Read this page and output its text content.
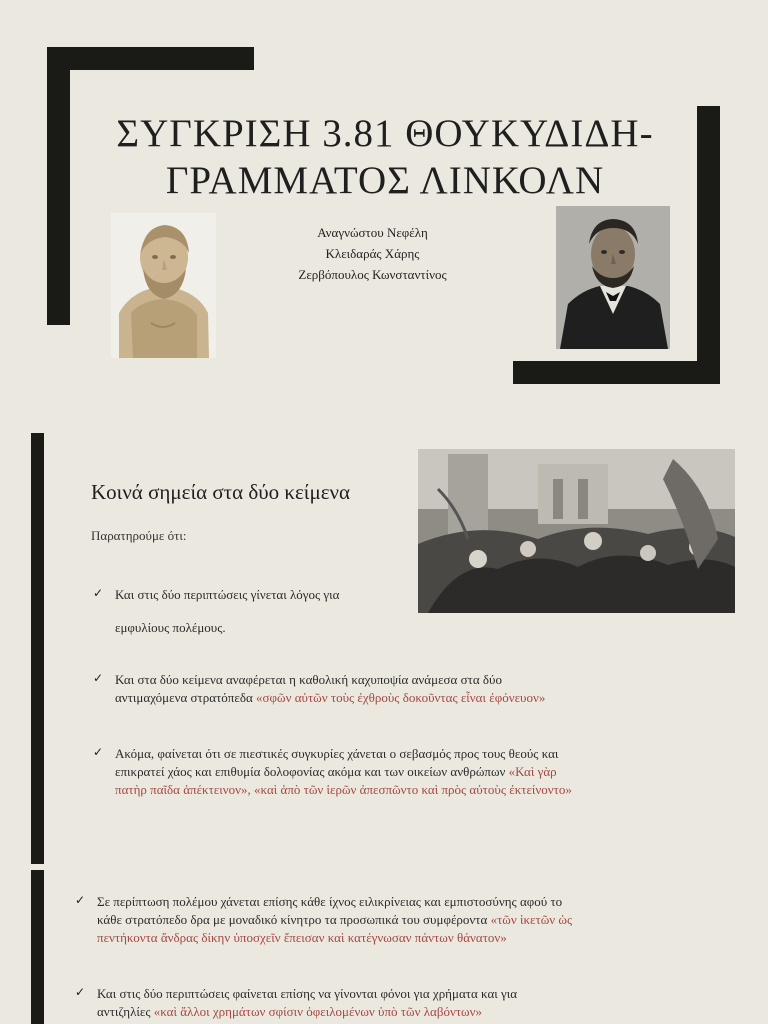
ΣΥΓΚΡΙΣΗ 3.81 ΘΟΥΚΥΔΙΔΗ-
ΓΡΑΜΜΑΤΟΣ ΛΙΝΚΟΛΝ
Αναγνώστου Νεφέλη
Κλειδαράς Χάρης
Ζερβόπουλος Κωνσταντίνος
Κοινά σημεία στα δύο κείμενα
Παρατηρούμε ότι:
✓ Και στις δύο περιπτώσεις γίνεται λόγος για
εμφυλίους πολέμους.
✓ Και στα δύο κείμενα αναφέρεται η καθολική καχυποψία ανάμεσα στα δύο
αντιμαχόμενα στρατόπεδα «σφῶν αὐτῶν τοὺς ἐχθροὺς δοκοῦντας εἶναι ἐφόνευον»
✓ Ακόμα, φαίνεται ότι σε πιεστικές συγκυρίες χάνεται ο σεβασμός προς τους θεούς και
επικρατεί χάος και επιθυμία δολοφονίας ακόμα και των οικείων ανθρώπων «Καὶ γὰρ
πατὴρ παῖδα ἀπέκτεινον», «καὶ ἀπὸ τῶν ἱερῶν ἀπεσπῶντο καὶ πρὸς αὐτοὺς ἐκτείνοντο»
✓ Σε περίπτωση πολέμου χάνεται επίσης κάθε ίχνος ειλικρίνειας και εμπιστοσύνης αφού το
κάθε στρατόπεδο δρα με μοναδικό κίνητρο τα προσωπικά του συμφέροντα «τῶν ἱκετῶν ὡς
πεντήκοντα ἄνδρας δίκην ὑποσχεῖν ἔπεισαν καὶ κατέγνωσαν πάντων θάνατον»
✓ Και στις δύο περιπτώσεις φαίνεται επίσης να γίνονται φόνοι για χρήματα και για
αντιζηλίες «καὶ ἄλλοι χρημάτων σφίσιν ὀφειλομένων ὑπὸ τῶν λαβόντων»
